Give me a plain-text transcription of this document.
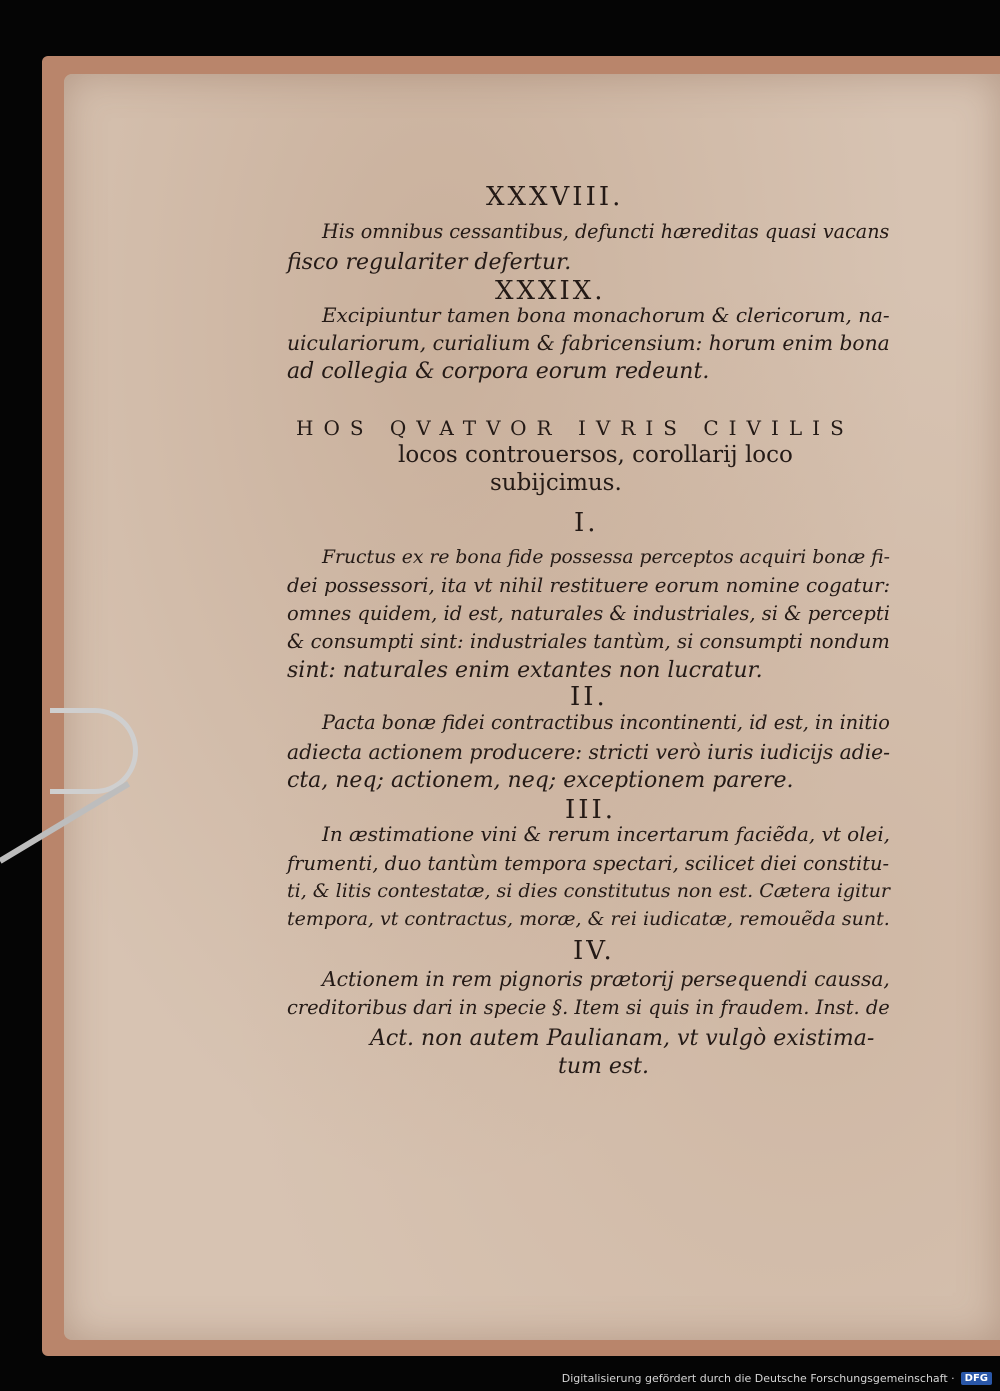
XXXVIII.
His omnibus cessantibus, defuncti hæreditas quasi vacans
fisco regulariter defertur.
XXXIX.
Excipiuntur tamen bona monachorum & clericorum, na-
uiculariorum, curialium & fabricensium: horum enim bona
ad collegia & corpora eorum redeunt.
HOS QVATVOR IVRIS CIVILIS
locos controuersos, corollarij loco
subijcimus.
I.
Fructus ex re bona fide possessa perceptos acquiri bonæ fi-
dei possessori, ita vt nihil restituere eorum nomine cogatur:
omnes quidem, id est, naturales & industriales, si & percepti
& consumpti sint: industriales tantùm, si consumpti nondum
sint: naturales enim extantes non lucratur.
II.
Pacta bonæ fidei contractibus incontinenti, id est, in initio
adiecta actionem producere: stricti verò iuris iudicijs adie-
cta, neq; actionem, neq; exceptionem parere.
III.
In æstimatione vini & rerum incertarum faciẽda, vt olei,
frumenti, duo tantùm tempora spectari, scilicet diei constitu-
ti, & litis contestatæ, si dies constitutus non est. Cætera igitur
tempora, vt contractus, moræ, & rei iudicatæ, remouẽda sunt.
IV.
Actionem in rem pignoris prætorij persequendi caussa,
creditoribus dari in specie §. Item si quis in fraudem. Inst. de
Act. non autem Paulianam, vt vulgò existima-
tum est.
Digitalisierung gefördert durch die Deutsche Forschungsgemeinschaft ·	DFG
